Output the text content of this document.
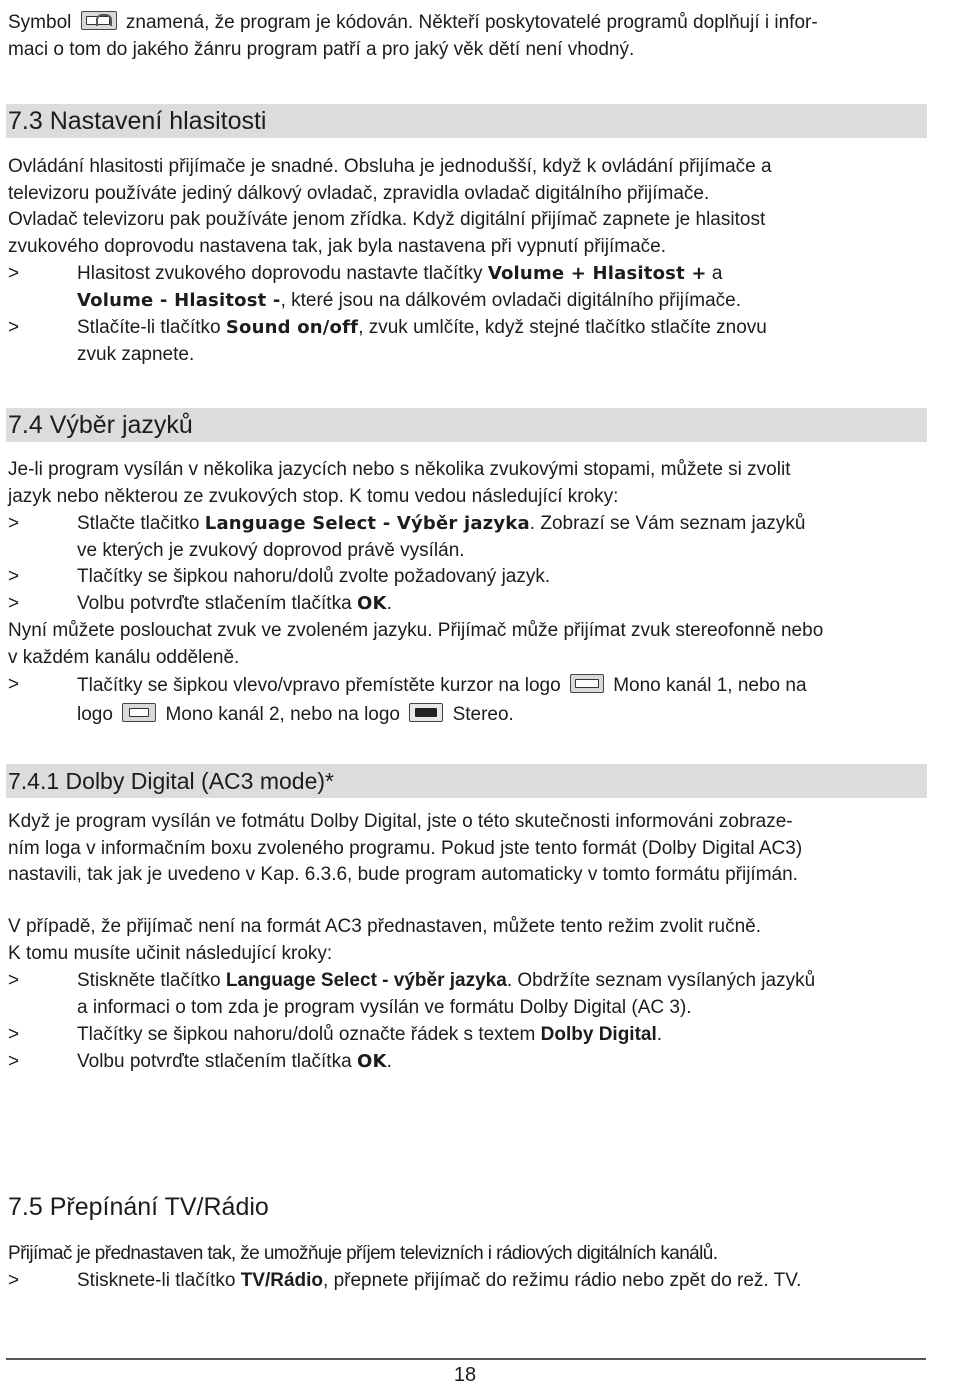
Symbol	znamená, že program je kódován. Někteří poskytovatelé programů doplňují i infor-
maci o tom do jakého žánru program patří a pro jaký věk dětí není vhodný.
7.3 Nastavení hlasitosti
Ovládání hlasitosti přijímače je snadné. Obsluha je jednodušší, když k ovládání přijímače a
televizoru používáte jediný dálkový ovladač, zpravidla ovladač digitálního přijímače.
Ovladač televizoru pak používáte jenom zřídka. Když digitální přijímač zapnete je hlasitost
zvukového doprovodu nastavena tak, jak byla nastavena při vypnutí přijímače.
>	Hlasitost zvukového doprovodu nastavte tlačítky Volume + Hlasitost + a
Volume - Hlasitost -, které jsou na dálkovém ovladači digitálního přijímače.
>	Stlačíte-li tlačítko Sound on/off, zvuk umlčíte, když stejné tlačítko stlačíte znovu
zvuk zapnete.
7.4 Výběr jazyků
Je-li program vysílán v několika jazycích nebo s několika zvukovými stopami, můžete si zvolit
jazyk nebo některou ze zvukových stop. K tomu vedou následující kroky:
>	Stlačte tlačitko Language Select - Výběr jazyka. Zobrazí se Vám seznam jazyků
ve kterých je zvukový doprovod právě vysílán.
>	Tlačítky se šipkou nahoru/dolů zvolte požadovaný jazyk.
>	Volbu potvrďte stlačením tlačítka OK.
Nyní můžete poslouchat zvuk ve zvoleném jazyku. Přijímač může přijímat zvuk stereofonně nebo
v každém kanálu odděleně.
>	Tlačítky se šipkou vlevo/vpravo přemístěte kurzor na logo	Mono kanál 1, nebo na
logo	Mono kanál 2, nebo na logo	Stereo.
7.4.1 Dolby Digital (AC3 mode)*
Když je program vysílán ve fotmátu Dolby Digital, jste o této skutečnosti informováni zobraze-
ním loga v informačním boxu zvoleného programu. Pokud jste tento formát (Dolby Digital AC3)
nastavili, tak jak je uvedeno v Kap. 6.3.6, bude program automaticky v tomto formátu přijímán.
V případě, že přijímač není na formát AC3 přednastaven, můžete tento režim zvolit ručně.
K tomu musíte učinit následující kroky:
>	Stiskněte tlačítko Language Select - výběr jazyka. Obdržíte seznam vysílaných jazyků
a informaci o tom zda je program vysílán ve formátu Dolby Digital (AC 3).
>	Tlačítky se šipkou nahoru/dolů označte řádek s textem Dolby Digital.
>	Volbu potvrďte stlačením tlačítka OK.
7.5 Přepínání TV/Rádio
Přijímač je přednastaven tak, že umožňuje příjem televizních i rádiových digitálních kanálů.
>	Stisknete-li tlačítko TV/Rádio, přepnete přijímač do režimu rádio nebo zpět do rež. TV.
18
